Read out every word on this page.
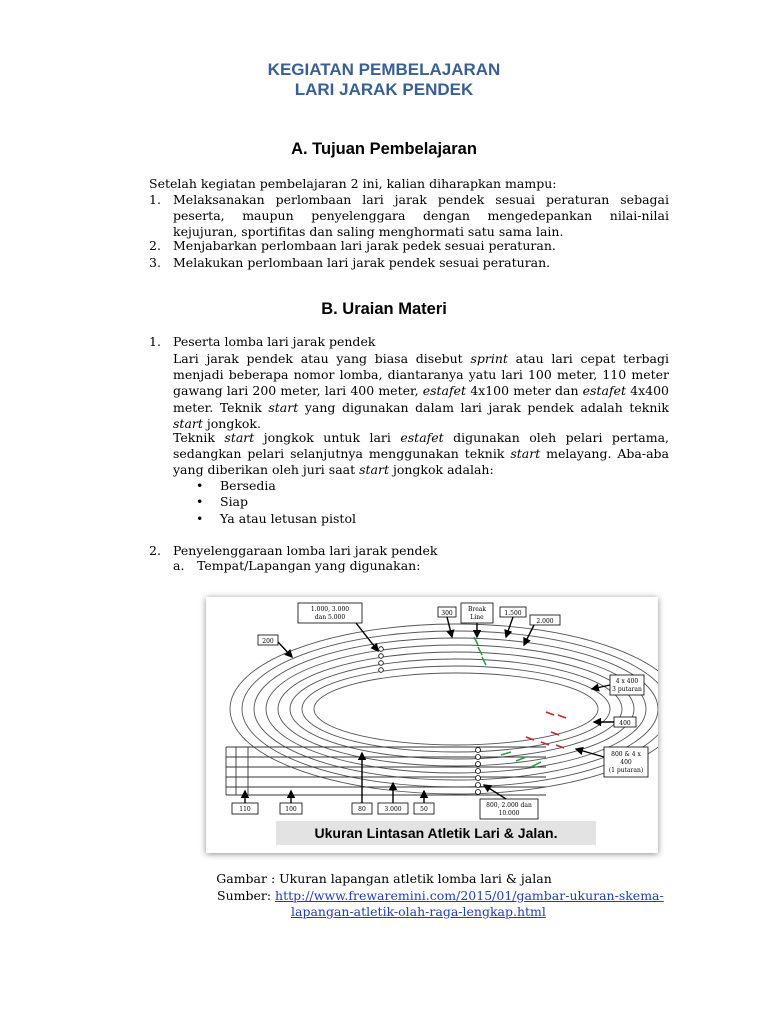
KEGIATAN PEMBELAJARAN
LARI JARAK PENDEK
A. Tujuan Pembelajaran
Setelah kegiatan pembelajaran 2 ini, kalian diharapkan mampu:
1. Melaksanakan perlombaan lari jarak pendek sesuai peraturan sebagai peserta, maupun penyelenggara dengan mengedepankan nilai-nilai kejujuran, sportifitas dan saling menghormati satu sama lain.
2. Menjabarkan perlombaan lari jarak pedek sesuai peraturan.
3. Melakukan perlombaan lari jarak pendek sesuai peraturan.
B. Uraian Materi
1. Peserta lomba lari jarak pendek

Lari jarak pendek atau yang biasa disebut sprint atau lari cepat terbagi menjadi beberapa nomor lomba, diantaranya yatu lari 100 meter, 110 meter gawang lari 200 meter, lari 400 meter, estafet 4x100 meter dan estafet 4x400 meter. Teknik start yang digunakan dalam lari jarak pendek adalah teknik start jongkok.

Teknik start jongkok untuk lari estafet digunakan oleh pelari pertama, sedangkan pelari selanjutnya menggunakan teknik start melayang. Aba-aba yang diberikan oleh juri saat start jongkok adalah:

• Bersedia
• Siap
• Ya atau letusan pistol
2. Penyelenggaraan lomba lari jarak pendek
a. Tempat/Lapangan yang digunakan:
1.000, 3.000
dan 5.000
200
300
Break
Line
1.500
2.000
4 x 400
3 putaran
400
800 & 4 x
400
(1 putaran)
110	100	80	3.000	50
800, 2.000 dan
10.000
Ukuran Lintasan Atletik Lari & Jalan.
Gambar : Ukuran lapangan atletik lomba lari & jalan
Sumber: http://www.frewaremini.com/2015/01/gambar-ukuran-skema-
lapangan-atletik-olah-raga-lengkap.html
